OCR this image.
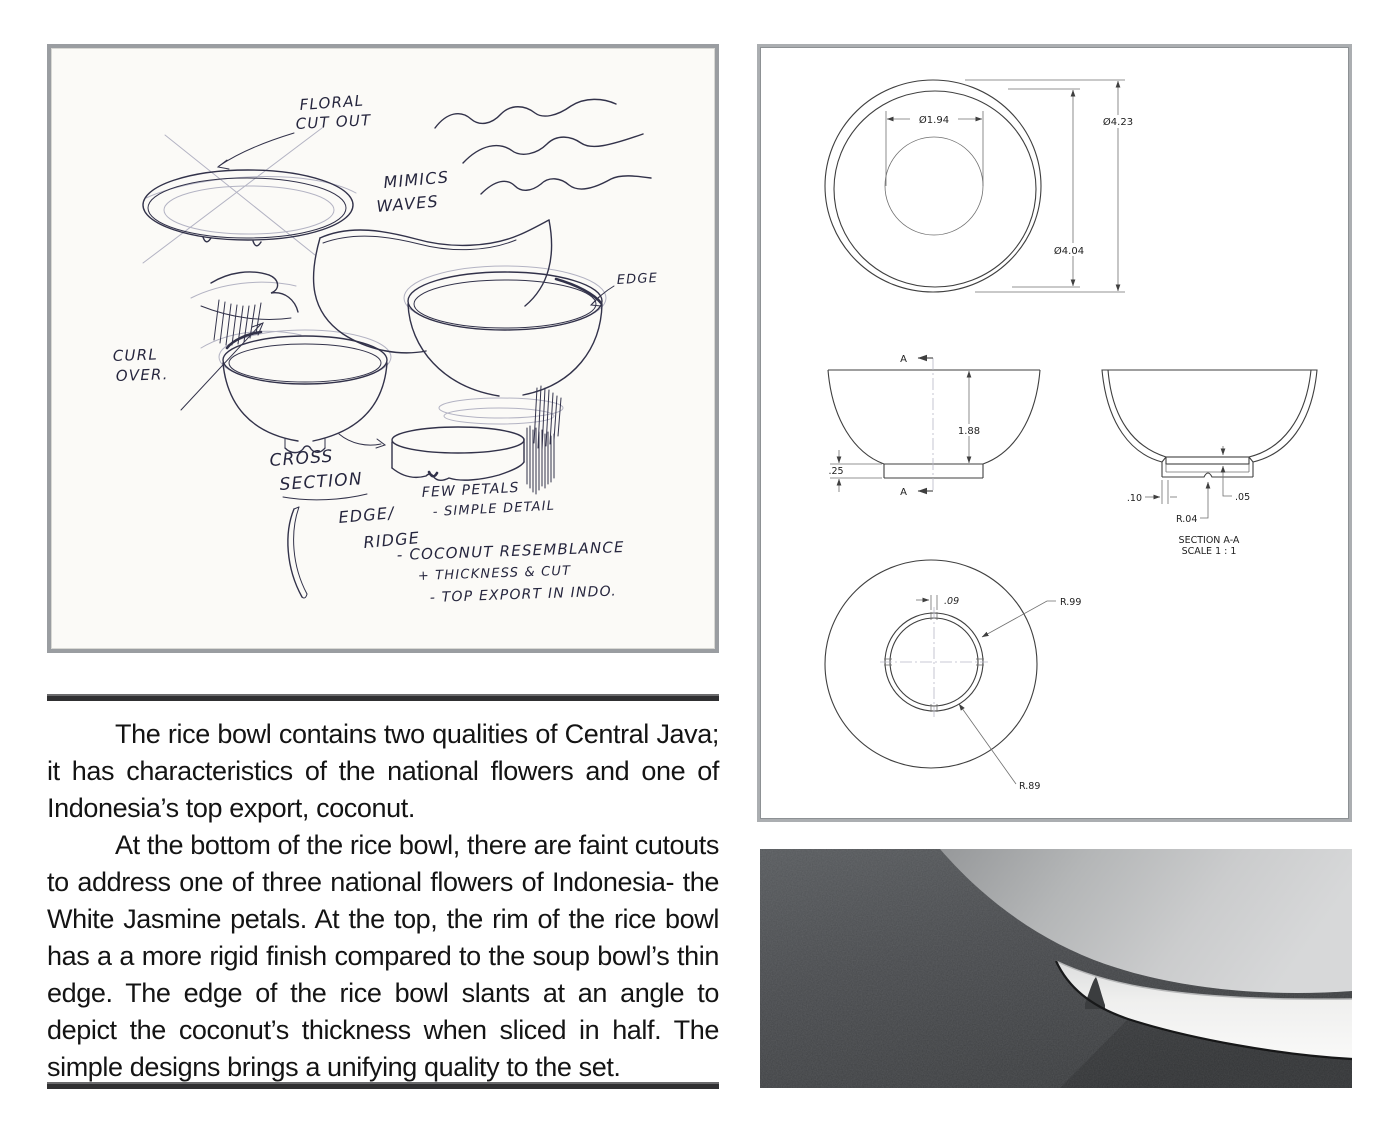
FLORAL
CUT OUT
MIMICS
WAVES
EDGE
CURL
OVER.
CROSS
SECTION	FEW PETALS
- SIMPLE DETAIL
EDGE/
RIDGE
- COCONUT RESEMBLANCE
+ THICKNESS & CUT
- TOP EXPORT IN INDO.
Ø1.94
Ø4.04
Ø4.23
A
A
1.88
.25
.05
.10
R.04
SECTION A-A
SCALE 1 : 1
.09	R.99
R.89

The rice bowl contains two qualities of Central Java; it has characteristics of the national flowers and one of Indonesia’s top export, coconut.

At the bottom of the rice bowl, there are faint cutouts to address one of three national flowers of Indonesia- the White Jasmine petals. At the top, the rim of the rice bowl has a a more rigid finish compared to the soup bowl’s thin edge. The edge of the rice bowl slants at an angle to depict the coconut’s thickness when sliced in half. The simple designs brings a unifying quality to the set.
